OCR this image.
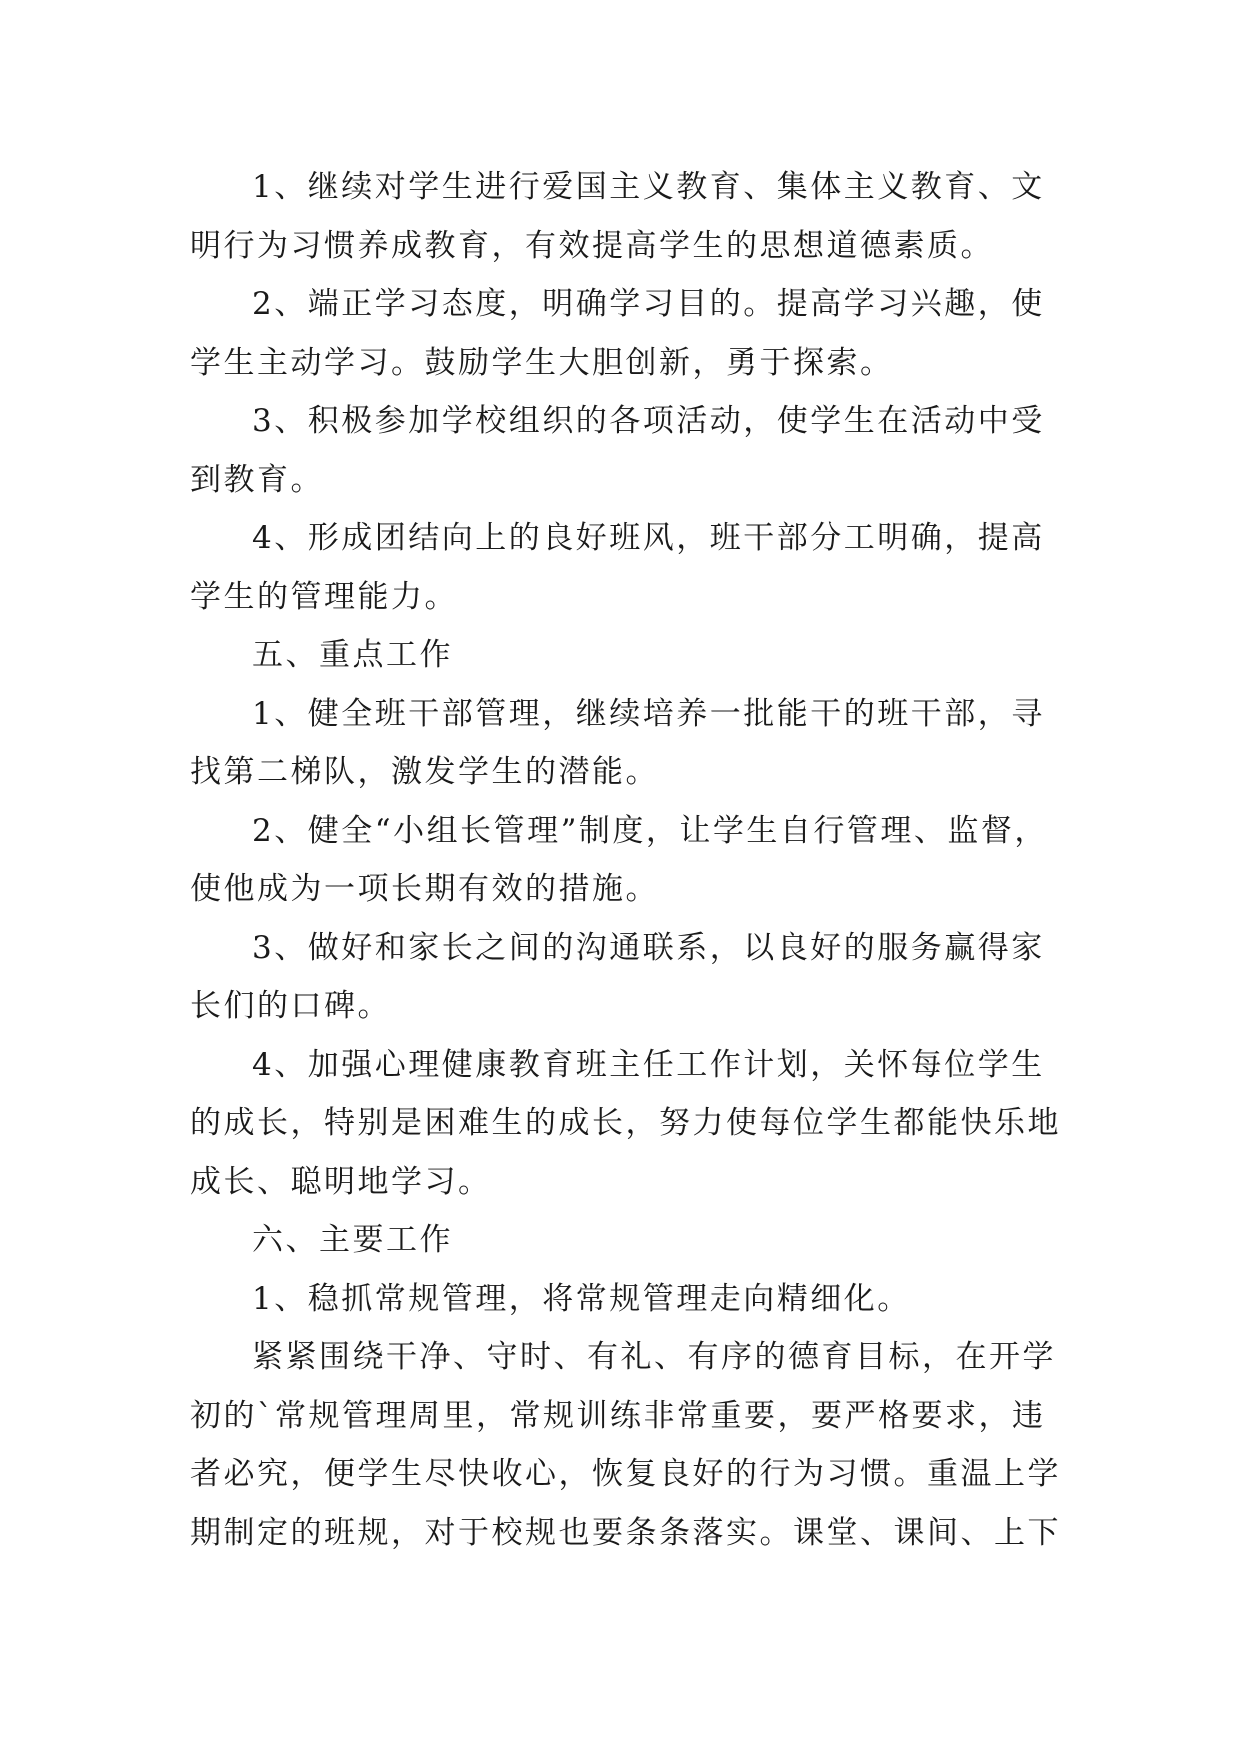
1、继续对学生进行爱国主义教育、集体主义教育、文
明行为习惯养成教育，有效提高学生的思想道德素质。
2、端正学习态度，明确学习目的。提高学习兴趣，使
学生主动学习。鼓励学生大胆创新，勇于探索。
3、积极参加学校组织的各项活动，使学生在活动中受
到教育。
4、形成团结向上的良好班风，班干部分工明确，提高
学生的管理能力。
五、重点工作
1、健全班干部管理，继续培养一批能干的班干部，寻
找第二梯队，激发学生的潜能。
2、健全“小组长管理”制度，让学生自行管理、监督，
使他成为一项长期有效的措施。
3、做好和家长之间的沟通联系，以良好的服务赢得家
长们的口碑。
4、加强心理健康教育班主任工作计划，关怀每位学生
的成长，特别是困难生的成长，努力使每位学生都能快乐地
成长、聪明地学习。
六、主要工作
1、稳抓常规管理，将常规管理走向精细化。
紧紧围绕干净、守时、有礼、有序的德育目标，在开学
初的`常规管理周里，常规训练非常重要，要严格要求，违
者必究，便学生尽快收心，恢复良好的行为习惯。重温上学
期制定的班规，对于校规也要条条落实。课堂、课间、上下
